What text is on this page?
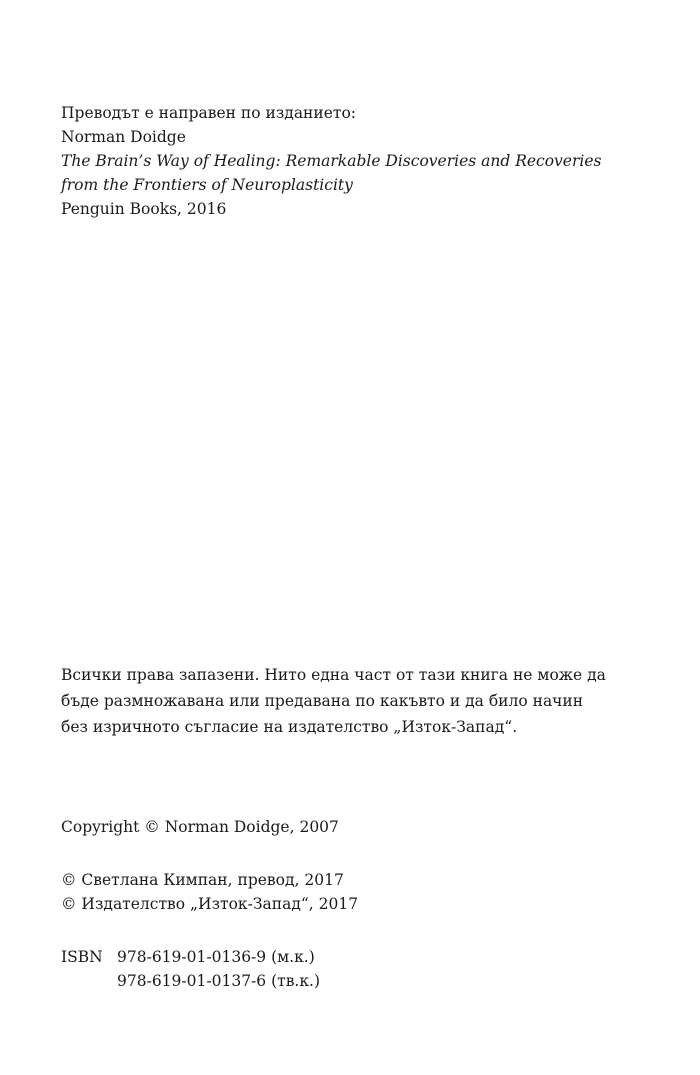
Преводът е направен по изданието:
Norman Doidge
The Brain’s Way of Healing: Remarkable Discoveries and Recoveries
from the Frontiers of Neuroplasticity
Penguin Books, 2016
Всички права запазени. Нито една част от тази книга не може да
бъде размножавана или предавана по какъвто и да било начин
без изричното съгласие на издателство „Изток-Запад“.
Copyright © Norman Doidge, 2007
© Светлана Кимпан, превод, 2017
© Издателство „Изток-Запад“, 2017
ISBN 978-619-01-0136-9 (м.к.)
978-619-01-0137-6 (тв.к.)
